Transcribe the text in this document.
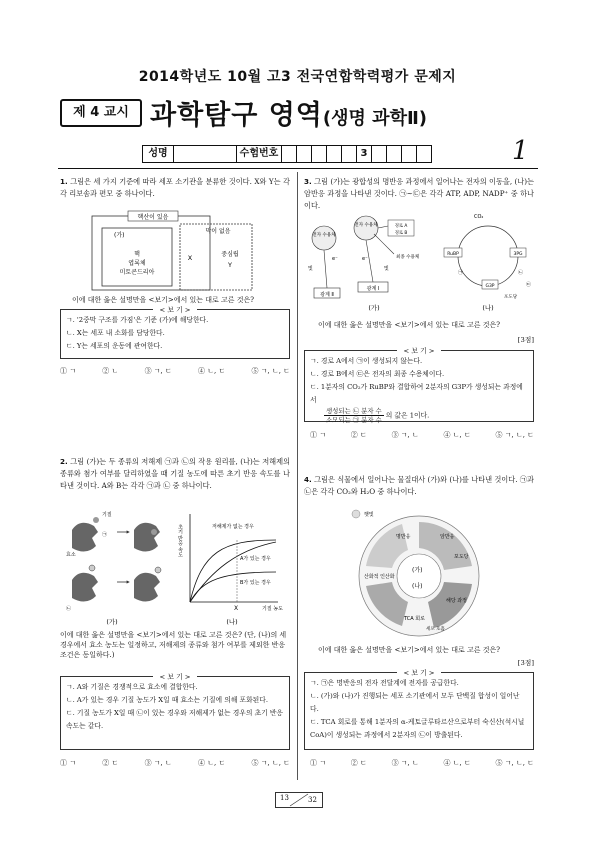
2014학년도 10월 고3 전국연합학력평가 문제지
제 4 교시 과학탐구 영역(생명 과학Ⅱ)
성명	수험번호	3	1
1. 그림은 세 가지 기준에 따라 세포 소기관을 분류한 것이다. X와 Y는 각각 리보솜과 편모 중 하나이다.
핵산이 있음
(가)
핵
엽록체
미토콘드리아
X
막이 없음
중심립
Y
이에 대한 옳은 설명만을 <보기>에서 있는 대로 고른 것은?
< 보 기 >
ㄱ. '2중막 구조를 가짐'은 기준 (가)에 해당한다.
ㄴ. X는 세포 내 소화를 담당한다.
ㄷ. Y는 세포의 운동에 관여한다.
① ㄱ	② ㄴ	③ ㄱ, ㄷ	④ ㄴ, ㄷ	⑤ ㄱ, ㄴ, ㄷ
2. 그림 (가)는 두 종류의 저해제 ㉠과 ㉡의 작용 원리를, (나)는 저해제의 종류와 첨가 여부를 달리하였을 때 기질 농도에 따른 초기 반응 속도를 나타낸 것이다. A와 B는 각각 ㉠과 ㉡ 중 하나이다.
기질
효소
㉠
㉡
초기 반응 속도	저해제가 없는 경우
A가 있는 경우
B가 있는 경우
X	기질 농도
(가)	(나)
이에 대한 옳은 설명만을 <보기>에서 있는 대로 고른 것은? (단, (나)의 세 경우에서 효소 농도는 일정하고, 저해제의 종류와 첨가 여부를 제외한 반응 조건은 동일하다.)
< 보 기 >
ㄱ. A와 기질은 경쟁적으로 효소에 결합한다.
ㄴ. A가 있는 경우 기질 농도가 X일 때 효소는 기질에 의해 포화된다.
ㄷ. 기질 농도가 X일 때 ㉡이 있는 경우와 저해제가 없는 경우의 초기 반응 속도는 같다.
① ㄱ	② ㄷ	③ ㄱ, ㄴ	④ ㄴ, ㄷ	⑤ ㄱ, ㄴ, ㄷ
3. 그림 (가)는 광합성의 명반응 과정에서 일어나는 전자의 이동을, (나)는 암반응 과정을 나타낸 것이다. ㉠~㉢은 각각 ATP, ADP, NADP⁺ 중 하나이다.
전자 수용체
전자 수용체	경로 A
경로 B
최종 수용체
빛	빛
광계 Ⅱ
광계 Ⅰ
e⁻	e⁻
CO₂
RuBP	3PG
G3P
포도당
㉠	㉡
㉢
(가)	(나)
이에 대한 옳은 설명만을 <보기>에서 있는 대로 고른 것은?
[3점]
< 보 기 >
ㄱ. 경로 A에서 ㉠이 생성되지 않는다.
ㄴ. 경로 B에서 ㉢은 전자의 최종 수용체이다.
ㄷ. 1분자의 CO₂가 RuBP와 결합하여 2분자의 G3P가 생성되는 과정에서
$\frac{\text{생성되는 ㉡ 분자 수}}{\text{소모되는 ㉠ 분자 수}}$ 의 값은 1이다.
① ㄱ	② ㄷ	③ ㄱ, ㄴ	④ ㄴ, ㄷ	⑤ ㄱ, ㄴ, ㄷ
4. 그림은 식물에서 일어나는 물질대사 (가)와 (나)를 나타낸 것이다. ㉠과 ㉡은 각각 CO₂와 H₂O 중 하나이다.
햇빛
명반응	암반응
(가)
(나)
포도당
해당 과정
TCA 회로
산화적 인산화
세포 호흡
이에 대한 옳은 설명만을 <보기>에서 있는 대로 고른 것은?
[3점]
< 보 기 >
ㄱ. ㉠은 명반응의 전자 전달계에 전자를 공급한다.
ㄴ. (가)와 (나)가 진행되는 세포 소기관에서 모두 단백질 합성이 일어난다.
ㄷ. TCA 회로를 통해 1분자의 α-케토글루타르산으로부터 숙신산(석시닐 CoA)이 생성되는 과정에서 2분자의 ㉡이 방출된다.
① ㄱ	② ㄷ	③ ㄱ, ㄴ	④ ㄴ, ㄷ	⑤ ㄱ, ㄴ, ㄷ
13	32
